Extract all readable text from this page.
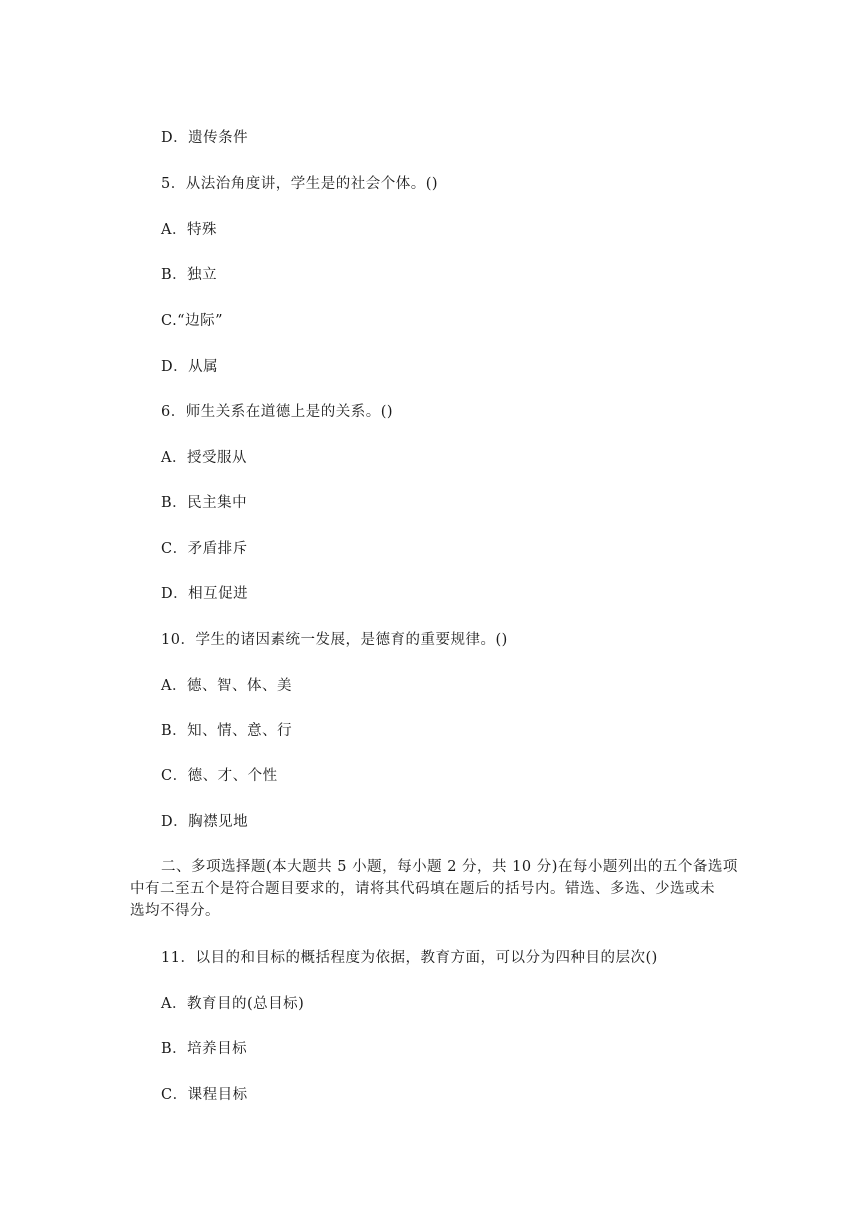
D．遗传条件
5．从法治角度讲，学生是的社会个体。()
A．特殊
B．独立
C.“边际”
D．从属
6．师生关系在道德上是的关系。()
A．授受服从
B．民主集中
C．矛盾排斥
D．相互促进
10．学生的诸因素统一发展，是德育的重要规律。()
A．德、智、体、美
B．知、情、意、行
C．德、才、个性
D．胸襟见地
二、多项选择题(本大题共 5 小题，每小题 2 分，共 10 分)在每小题列出的五个备选项
中有二至五个是符合题目要求的，请将其代码填在题后的括号内。错选、多选、少选或未
选均不得分。
11．以目的和目标的概括程度为依据，教育方面，可以分为四种目的层次()
A．教育目的(总目标)
B．培养目标
C．课程目标
